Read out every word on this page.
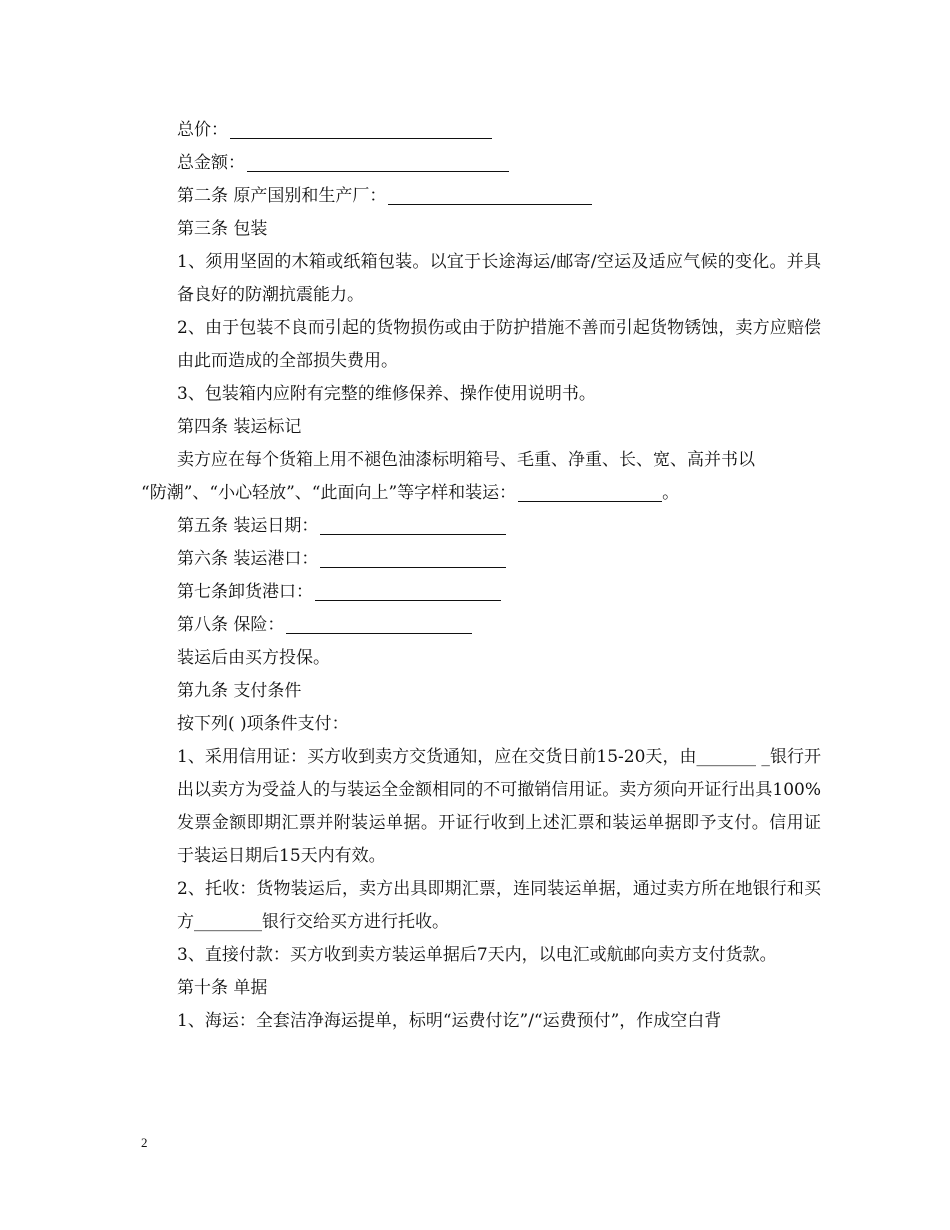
总价：

总金额：

第二条 原产国别和生产厂：

第三条 包装

1、须用坚固的木箱或纸箱包装。以宜于长途海运/邮寄/空运及适应气候的变化。并具备良好的防潮抗震能力。

2、由于包装不良而引起的货物损伤或由于防护措施不善而引起货物锈蚀，卖方应赔偿由此而造成的全部损失费用。

3、包装箱内应附有完整的维修保养、操作使用说明书。

第四条 装运标记

卖方应在每个货箱上用不褪色油漆标明箱号、毛重、净重、长、宽、高并书以

“防潮”、“小心轻放”、“此面向上”等字样和装运：	。

第五条 装运日期：

第六条 装运港口：

第七条卸货港口：

第八条 保险：

装运后由买方投保。

第九条 支付条件

按下列( )项条件支付：

1、采用信用证：买方收到卖方交货通知，应在交货日前15-20天，由_______ _银行开出以卖方为受益人的与装运全金额相同的不可撤销信用证。卖方须向开证行出具100%发票金额即期汇票并附装运单据。开证行收到上述汇票和装运单据即予支付。信用证于装运日期后15天内有效。

2、托收：货物装运后，卖方出具即期汇票，连同装运单据，通过卖方所在地银行和买方________银行交给买方进行托收。

3、直接付款：买方收到卖方装运单据后7天内，以电汇或航邮向卖方支付货款。

第十条 单据

1、海运：全套洁净海运提单，标明“运费付讫”/“运费预付”，作成空白背

2
